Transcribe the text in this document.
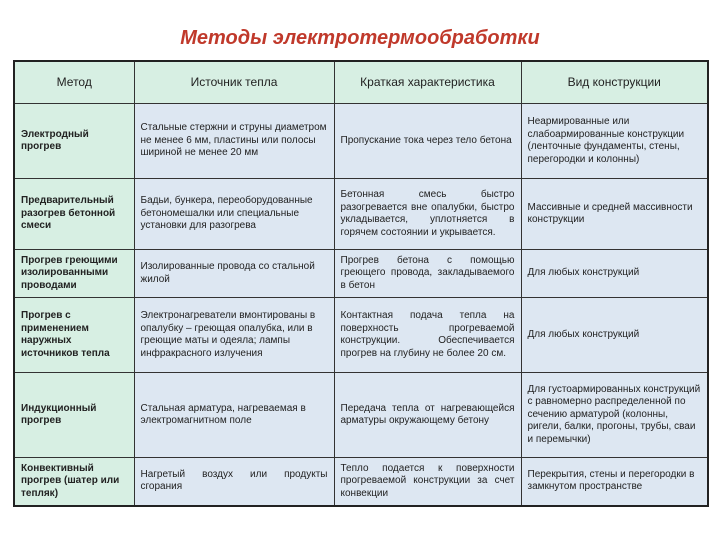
Методы электротермообработки
Метод	Источник тепла	Краткая характеристика	Вид конструкции
Электродный прогрев	Стальные стержни и струны диаметром не менее 6 мм, пластины или полосы шириной не менее 20 мм	Пропускание тока через тело бетона	Неармированные или слабоармированные конструкции (ленточные фундаменты, стены, перегородки и колонны)
Предварительный разогрев бетонной смеси	Бадьи, бункера, переоборудованные бетономешалки или специальные установки для разогрева	Бетонная смесь быстро разогревается вне опалубки, быстро укладывается, уплотняется в горячем состоянии и укрывается.	Массивные и средней массивности конструкции
Прогрев греющими изолированными проводами	Изолированные провода со стальной жилой	Прогрев бетона с помощью греющего провода, закладываемого в бетон	Для любых конструкций
Прогрев с применением наружных источников тепла	Электронагреватели вмонтированы в опалубку – греющая опалубка, или в греющие маты и одеяла; лампы инфракрасного излучения	Контактная подача тепла на поверхность прогреваемой конструкции. Обеспечивается прогрев на глубину не более 20 см.	Для любых конструкций
Индукционный прогрев	Стальная арматура, нагреваемая в электромагнитном поле	Передача тепла от нагревающейся арматуры окружающему бетону	Для густоармированных конструкций с равномерно распределенной по сечению арматурой (колонны, ригели, балки, прогоны, трубы, сваи и перемычки)
Конвективный прогрев (шатер или тепляк)	Нагретый воздух или продукты сгорания	Тепло подается к поверхности прогреваемой конструкции за счет конвекции	Перекрытия, стены и перегородки в замкнутом пространстве
